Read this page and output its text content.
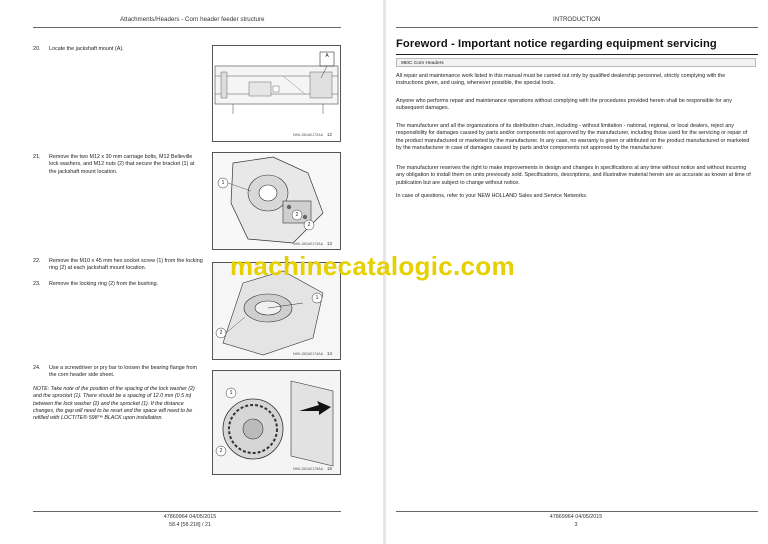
Attachments/Headers - Corn header feeder structure
20. Locate the jackshaft mount (A).
21. Remove the two M12 x 30 mm carriage bolts, M12 Belleville lock washers, and M12 nuts (2) that secure the bracket (1) at the jackshaft mount location.
22. Remove the M10 x 45 mm hex socket screw (1) from the locking ring (2) at each jackshaft mount location.
23. Remove the locking ring (2) from the bushing.
24. Use a screwdriver or pry bar to loosen the bearing flange from the corn header side sheet.
NOTE: Take note of the position of the spacing of the lock washer (2) and the sprocket (1). There should be a spacing of 12.0 mm (0.5 in) between the lock washer (2) and the sprocket (1). If the distance changes, the gap will need to be reset and the space will need to be refilled with LOCTITE® 598™ BLACK upon installation.
A
NHIL15DA0172AA 12
1
2
2
NHIL15DA0173AA 13
1
2
NHIL15DA0174AA 14
1
2
NHIL15DA0175AA 15
47869964 04/05/2015
58.4 [58.218] / 21
INTRODUCTION
Foreword - Important notice regarding equipment servicing
980C Corn Headers
All repair and maintenance work listed in this manual must be carried out only by qualified dealership personnel, strictly complying with the instructions given, and using, whenever possible, the special tools.
Anyone who performs repair and maintenance operations without complying with the procedures provided herein shall be responsible for any subsequent damages.
The manufacturer and all the organizations of its distribution chain, including - without limitation - national, regional, or local dealers, reject any responsibility for damages caused by parts and/or components not approved by the manufacturer, including those used for the servicing or repair of the product manufactured or marketed by the manufacturer. In any case, no warranty is given or attributed on the product manufactured or marketed by the manufacturer in case of damages caused by parts and/or components not approved by the manufacturer.
The manufacturer reserves the right to make improvements in design and changes in specifications at any time without notice and without incurring any obligation to install them on units previously sold. Specifications, descriptions, and illustrative material herein are as accurate as known at time of publication but are subject to change without notice.
In case of questions, refer to your NEW HOLLAND Sales and Service Networks.
47869964 04/05/2015
3
machinecatalogic.com
